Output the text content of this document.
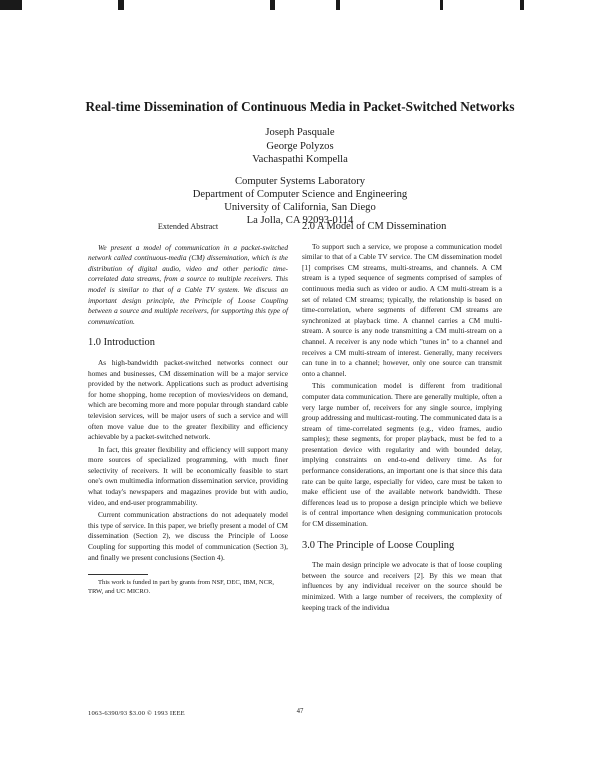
Real-time Dissemination of Continuous Media in Packet-Switched Networks
Joseph Pasquale
George Polyzos
Vachaspathi Kompella
Computer Systems Laboratory
Department of Computer Science and Engineering
University of California, San Diego
La Jolla, CA 92093-0114
Extended Abstract

We present a model of communication in a packet-switched network called continuous-media (CM) dissemination, which is the distribution of digital audio, video and other periodic time-correlated data streams, from a source to multiple receivers. This model is similar to that of a Cable TV system. We discuss an important design principle, the Principle of Loose Coupling between a source and multiple receivers, for supporting this type of communication.

1.0 Introduction

As high-bandwidth packet-switched networks connect our homes and businesses, CM dissemination will be a major service provided by the network. Applications such as product advertising for home shopping, home reception of movies/videos on demand, which are becoming more and more popular through standard cable television services, will be major users of such a service and will often move value due to the greater flexibility and efficiency achievable by a packet-switched network.

In fact, this greater flexibility and efficiency will support many more sources of specialized programming, with much finer selectivity of receivers. It will be economically feasible to start one's own multimedia information dissemination service, providing what today's newspapers and magazines provide but with audio, video, and end-user programmability.

Current communication abstractions do not adequately model this type of service. In this paper, we briefly present a model of CM dissemination (Section 2), we discuss the Principle of Loose Coupling for supporting this model of communication (Section 3), and finally we present conclusions (Section 4).

This work is funded in part by grants from NSF, DEC, IBM, NCR, TRW, and UC MICRO.
2.0 A Model of CM Dissemination

To support such a service, we propose a communication model similar to that of a Cable TV service. The CM dissemination model [1] comprises CM streams, multi-streams, and channels. A CM stream is a typed sequence of segments comprised of samples of continuous media such as video or audio. A CM multi-stream is a set of related CM streams; typically, the relationship is based on time-correlation, where segments of different CM streams are synchronized at playback time. A channel carries a CM multi-stream. A source is any node transmitting a CM multi-stream on a channel. A receiver is any node which "tunes in" to a channel and receives a CM multi-stream of interest. Generally, many receivers can tune in to a channel; however, only one source can transmit onto a channel.

This communication model is different from traditional computer data communication. There are generally multiple, often a very large number of, receivers for any single source, implying group addressing and multicast-routing. The communicated data is a stream of time-correlated segments (e.g., video frames, audio samples); these segments, for proper playback, must be fed to a presentation device with regularity and with bounded delay, implying constraints on end-to-end delivery time. As for performance considerations, an important one is that since this data rate can be quite large, especially for video, care must be taken to make efficient use of the available network bandwidth. These differences lead us to propose a design principle which we believe is of central importance when designing communication protocols for CM dissemination.

3.0 The Principle of Loose Coupling

The main design principle we advocate is that of loose coupling between the source and receivers [2]. By this we mean that influences by any individual receiver on the source should be minimized. With a large number of receivers, the complexity of keeping track of the individua

47
1063-6390/93 $3.00 © 1993 IEEE
